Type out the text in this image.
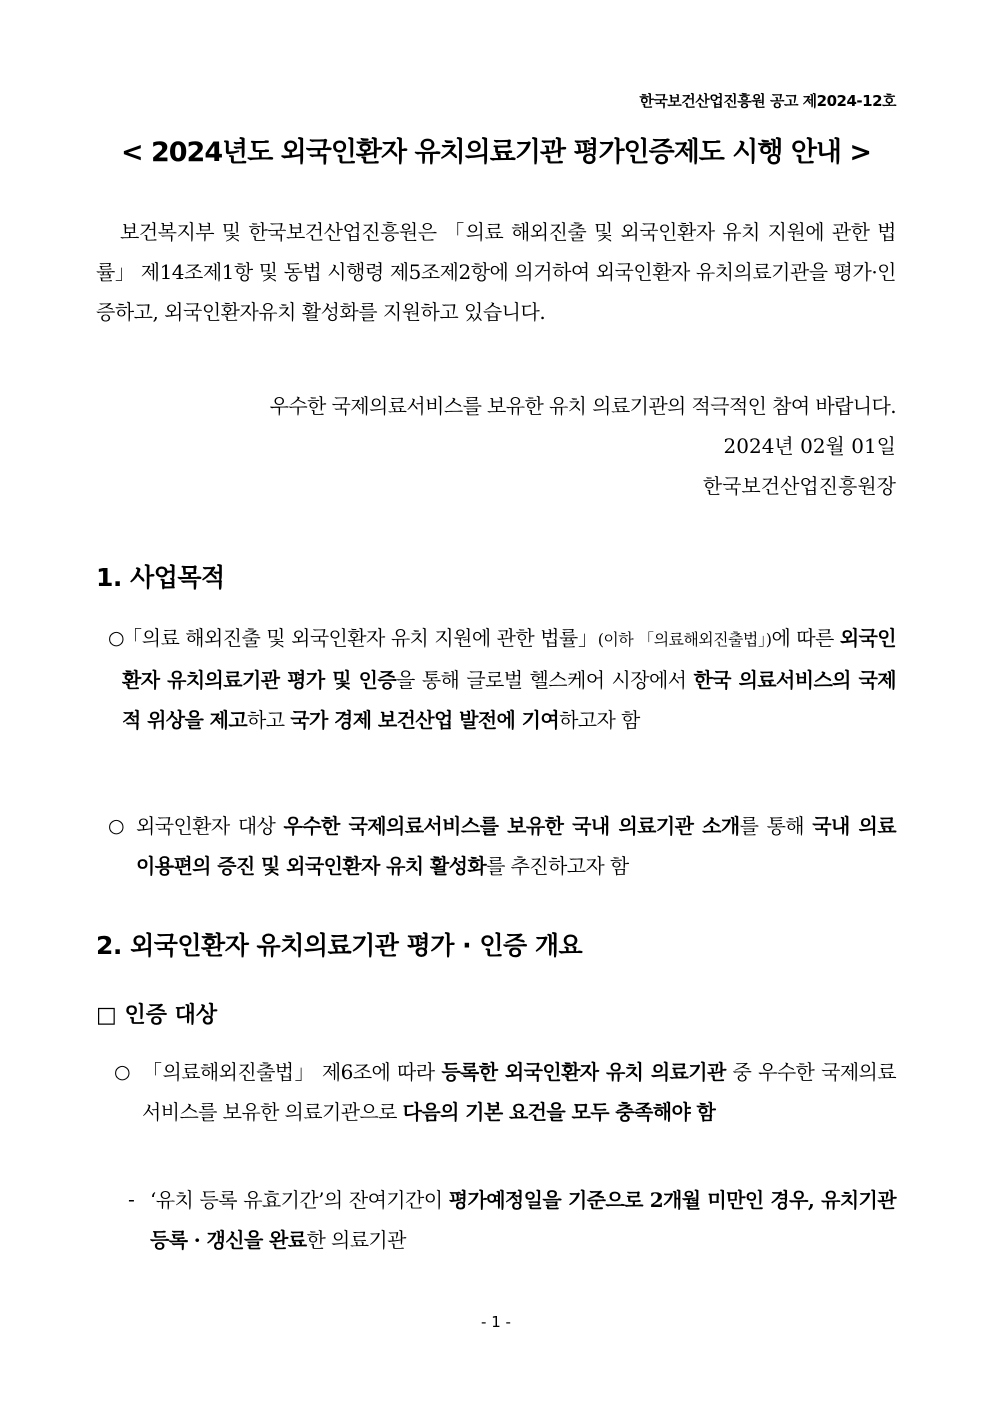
한국보건산업진흥원 공고 제2024-12호
< 2024년도 외국인환자 유치의료기관 평가인증제도 시행 안내 >
보건복지부 및 한국보건산업진흥원은 「의료 해외진출 및 외국인환자 유치 지원에 관한 법률」 제14조제1항 및 동법 시행령 제5조제2항에 의거하여 외국인환자 유치의료기관을 평가·인증하고, 외국인환자유치 활성화를 지원하고 있습니다.
우수한 국제의료서비스를 보유한 유치 의료기관의 적극적인 참여 바랍니다.
2024년 02월 01일
한국보건산업진흥원장
1. 사업목적
○
「의료 해외진출 및 외국인환자 유치 지원에 관한 법률」(이하 「의료해외진출법」)에 따른 외국인환자 유치의료기관 평가 및 인증을 통해 글로벌 헬스케어 시장에서 한국 의료서비스의 국제적 위상을 제고하고 국가 경제 보건산업 발전에 기여하고자 함
○ 외국인환자 대상 우수한 국제의료서비스를 보유한 국내 의료기관 소개를 통해 국내 의료 이용편의 증진 및 외국인환자 유치 활성화를 추진하고자 함
2. 외국인환자 유치의료기관 평가 · 인증 개요
□ 인증 대상
○ 「의료해외진출법」 제6조에 따라 등록한 외국인환자 유치 의료기관 중 우수한 국제의료서비스를 보유한 의료기관으로 다음의 기본 요건을 모두 충족해야 함
- ‘유치 등록 유효기간’의 잔여기간이 평가예정일을 기준으로 2개월 미만인 경우, 유치기관 등록 · 갱신을 완료한 의료기관
- 1 -
